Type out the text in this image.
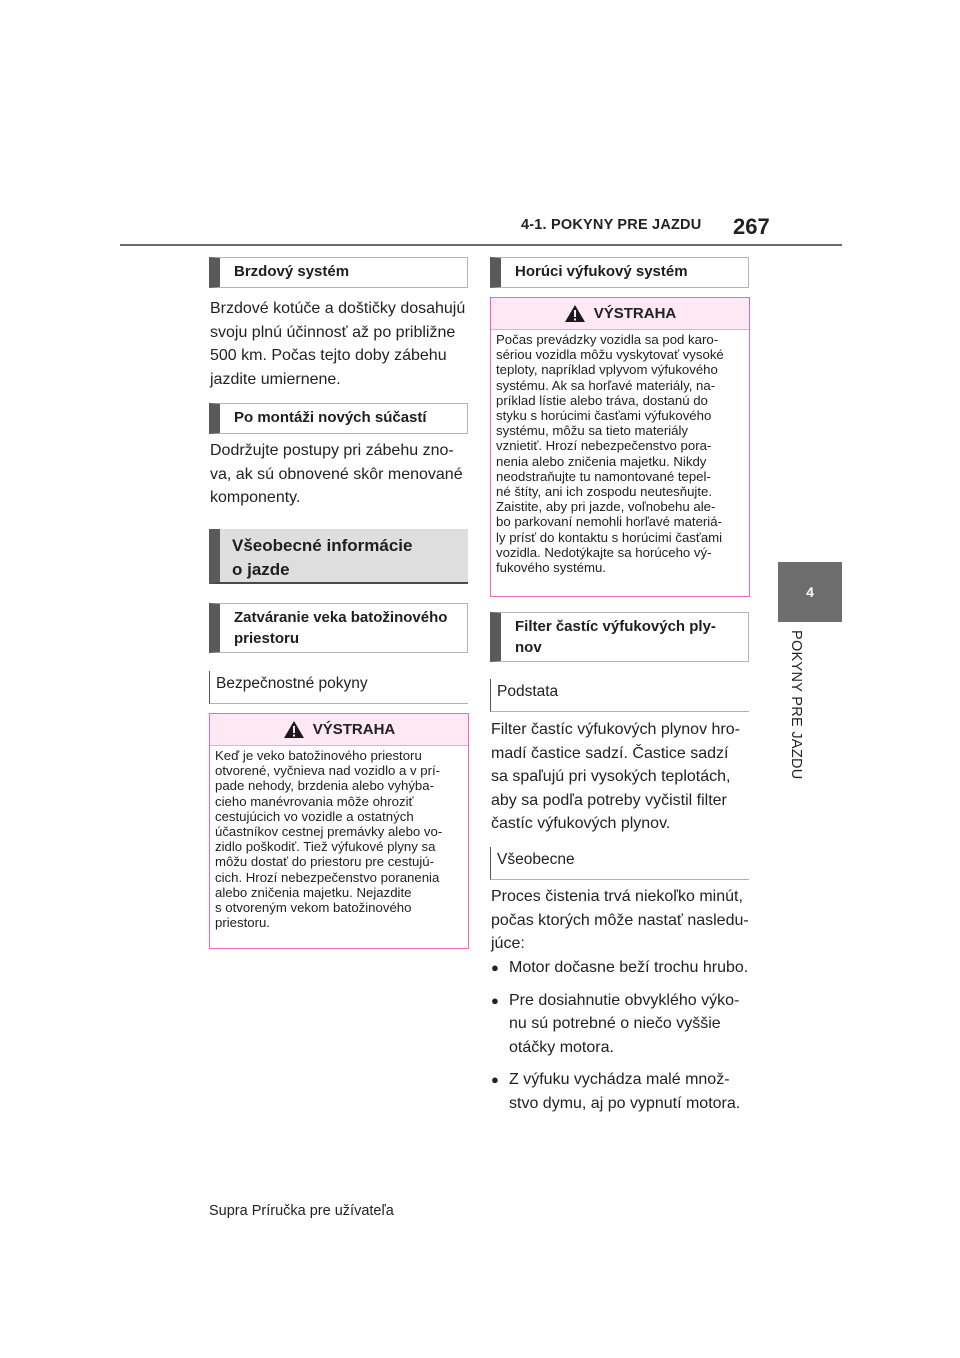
4-1. POKYNY PRE JAZDU 267
4
POKYNY PRE JAZDU
Brzdový systém
Brzdové kotúče a doštičky dosahujú
svoju plnú účinnosť až po približne
500 km. Počas tejto doby zábehu
jazdite umiernene.
Po montáži nových súčastí
Dodržujte postupy pri zábehu zno-
va, ak sú obnovené skôr menované
komponenty.
Všeobecné informácie
o jazde
Zatváranie veka batožinového
priestoru
Bezpečnostné pokyny
VÝSTRAHA
Keď je veko batožinového priestoru
otvorené, vyčnieva nad vozidlo a v prí-
pade nehody, brzdenia alebo vyhýba-
cieho manévrovania môže ohroziť
cestujúcich vo vozidle a ostatných
účastníkov cestnej premávky alebo vo-
zidlo poškodiť. Tiež výfukové plyny sa
môžu dostať do priestoru pre cestujú-
cich. Hrozí nebezpečenstvo poranenia
alebo zničenia majetku. Nejazdite
s otvoreným vekom batožinového
priestoru.
Horúci výfukový systém
VÝSTRAHA
Počas prevádzky vozidla sa pod karo-
sériou vozidla môžu vyskytovať vysoké
teploty, napríklad vplyvom výfukového
systému. Ak sa horľavé materiály, na-
príklad lístie alebo tráva, dostanú do
styku s horúcimi časťami výfukového
systému, môžu sa tieto materiály
vznietiť. Hrozí nebezpečenstvo pora-
nenia alebo zničenia majetku. Nikdy
neodstraňujte tu namontované tepel-
né štíty, ani ich zospodu neutesňujte.
Zaistite, aby pri jazde, voľnobehu ale-
bo parkovaní nemohli horľavé materiá-
ly prísť do kontaktu s horúcimi časťami
vozidla. Nedotýkajte sa horúceho vý-
fukového systému.
Filter častíc výfukových ply-
nov
Podstata
Filter častíc výfukových plynov hro-
madí častice sadzí. Častice sadzí
sa spaľujú pri vysokých teplotách,
aby sa podľa potreby vyčistil filter
častíc výfukových plynov.
Všeobecne
Proces čistenia trvá niekoľko minút,
počas ktorých môže nastať nasledu-
júce:
● Motor dočasne beží trochu hrubo.
● Pre dosiahnutie obvyklého výko-
nu sú potrebné o niečo vyššie
otáčky motora.
● Z výfuku vychádza malé množ-
stvo dymu, aj po vypnutí motora.
Supra Príručka pre užívateľa
